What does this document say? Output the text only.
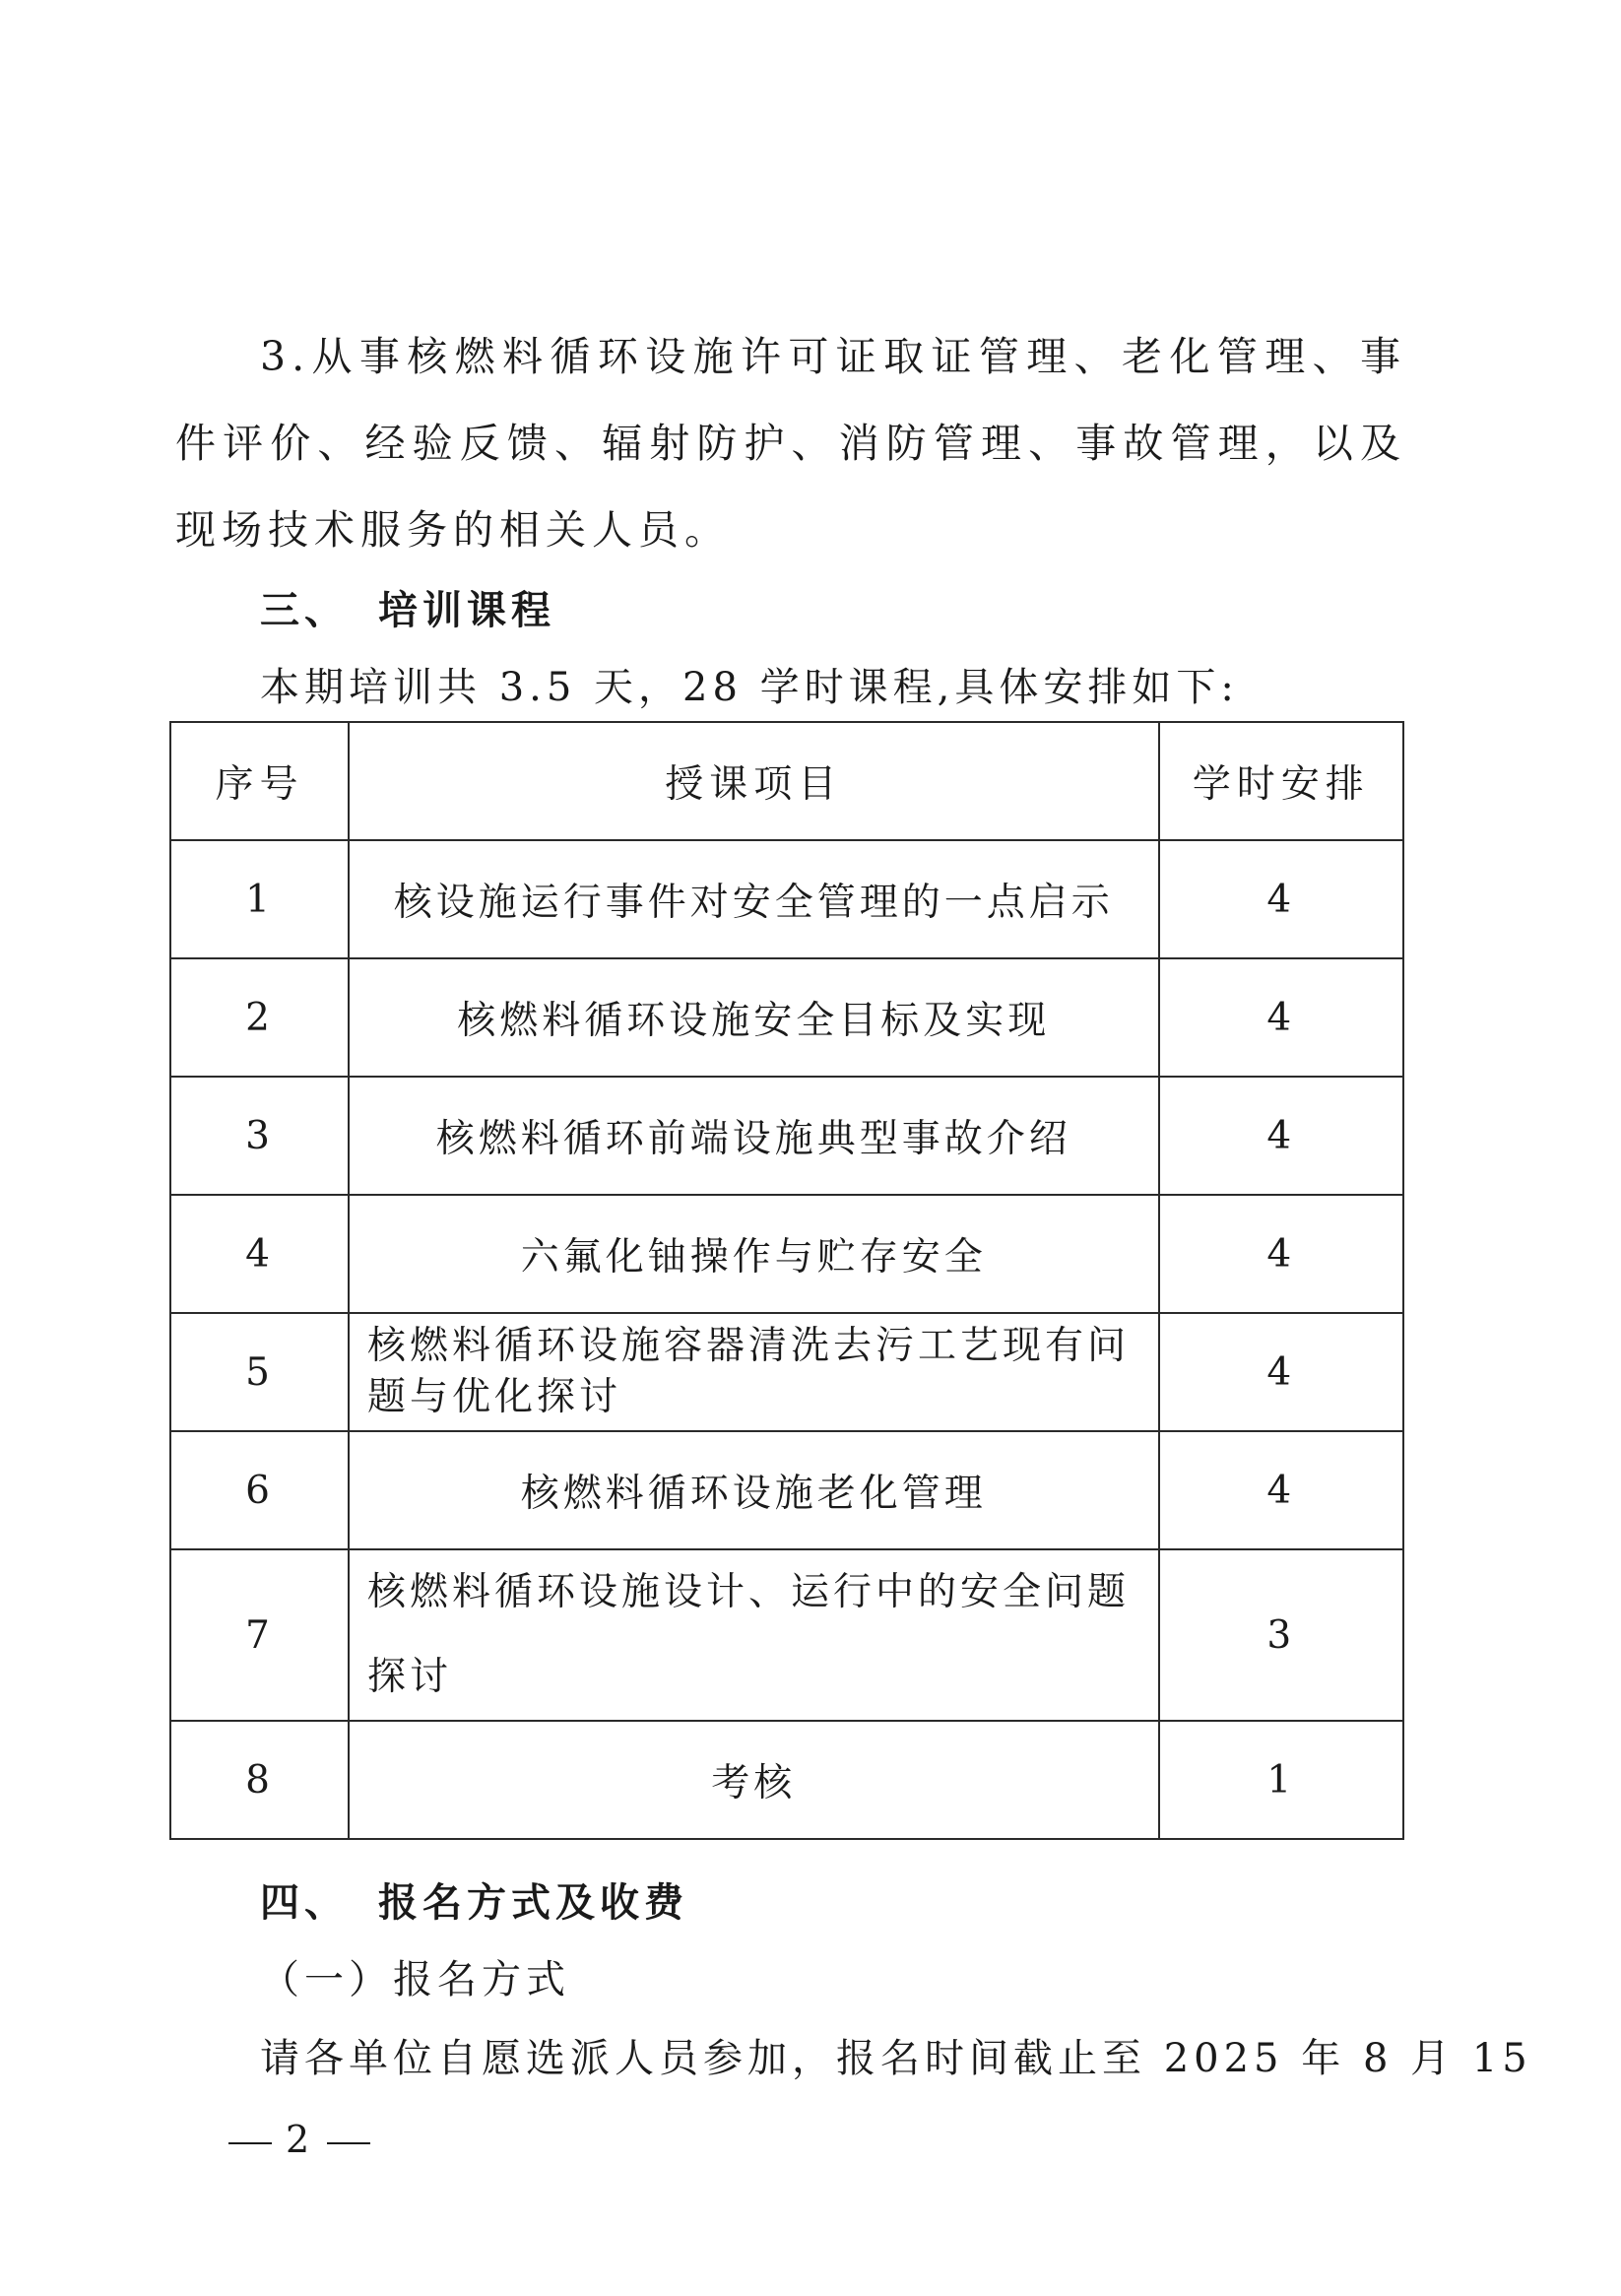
3.从事核燃料循环设施许可证取证管理、老化管理、事件评价、经验反馈、辐射防护、消防管理、事故管理，以及现场技术服务的相关人员。
三、 培训课程
本期培训共 3.5 天，28 学时课程,具体安排如下:
序号	授课项目	学时安排
1	核设施运行事件对安全管理的一点启示	4
2	核燃料循环设施安全目标及实现	4
3	核燃料循环前端设施典型事故介绍	4
4	六氟化铀操作与贮存安全	4
5	核燃料循环设施容器清洗去污工艺现有问题与优化探讨	4
6	核燃料循环设施老化管理	4
7	核燃料循环设施设计、运行中的安全问题探讨	3
8	考核	1
四、 报名方式及收费
（一）报名方式
请各单位自愿选派人员参加，报名时间截止至 2025 年 8 月 15
2
